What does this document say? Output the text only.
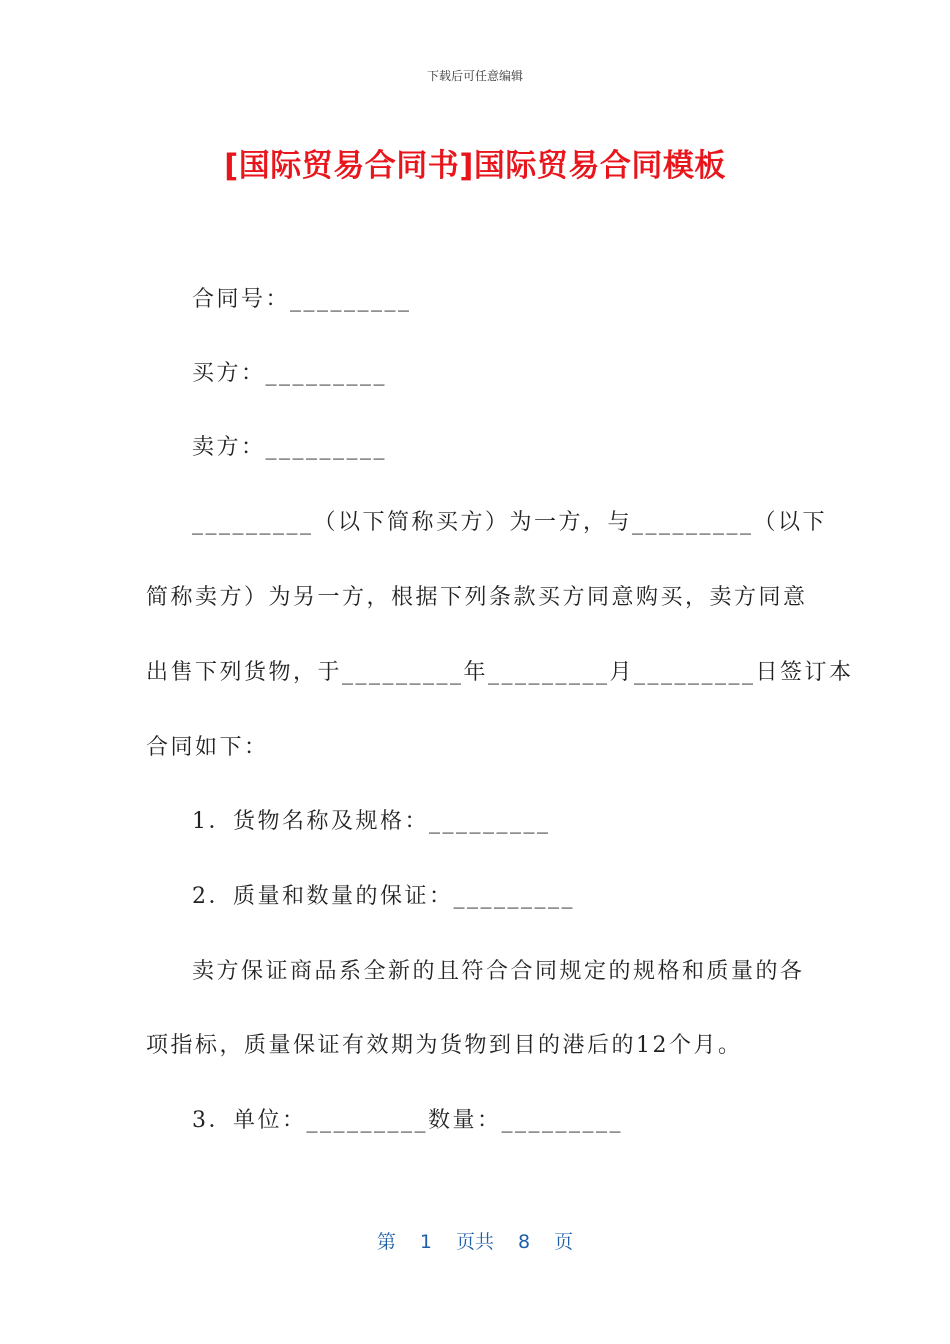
下载后可任意编辑
[国际贸易合同书]国际贸易合同模板
合同号：_________
买方：_________
卖方：_________
_________（以下简称买方）为一方，与_________（以下
简称卖方）为另一方，根据下列条款买方同意购买，卖方同意
出售下列货物，于_________年_________月_________日签订本
合同如下：
1．货物名称及规格：_________
2．质量和数量的保证：_________
卖方保证商品系全新的且符合合同规定的规格和质量的各
项指标，质量保证有效期为货物到目的港后的12个月。
3．单位：_________数量：_________
第 1 页共 8 页
